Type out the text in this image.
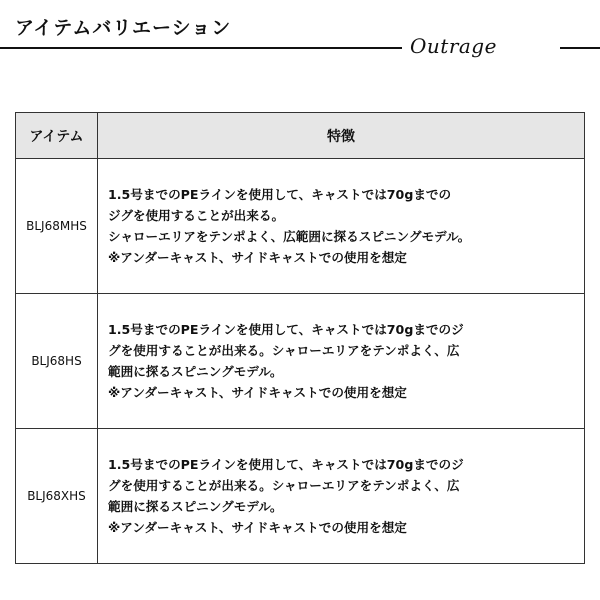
アイテムバリエーション
Outrage
アイテム	特徴
BLJ68MHS	1.5号までのPEラインを使用して、キャストでは70gまでの
ジグを使用することが出来る。
シャローエリアをテンポよく、広範囲に探るスピニングモデル。
※アンダーキャスト、サイドキャストでの使用を想定

BLJ68HS	1.5号までのPEラインを使用して、キャストでは70gまでのジ
グを使用することが出来る。シャローエリアをテンポよく、広
範囲に探るスピニングモデル。
※アンダーキャスト、サイドキャストでの使用を想定

BLJ68XHS	1.5号までのPEラインを使用して、キャストでは70gまでのジ
グを使用することが出来る。シャローエリアをテンポよく、広
範囲に探るスピニングモデル。
※アンダーキャスト、サイドキャストでの使用を想定
